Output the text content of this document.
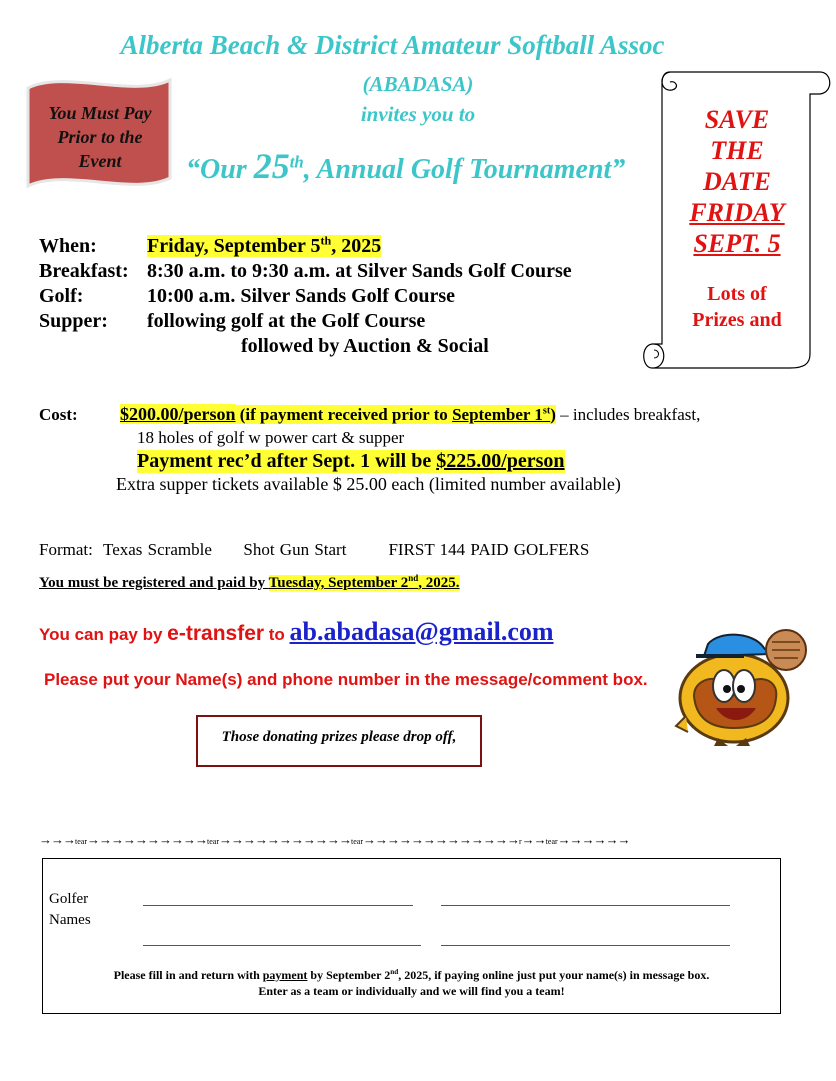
Alberta Beach & District Amateur Softball Assoc
(ABADASA)
invites you to
“Our 25th, Annual Golf Tournament”
You Must Pay
Prior to the
Event
SAVE
THE
DATE
FRIDAY
SEPT. 5
Lots of
Prizes and
When:	Friday, September 5th, 2025
Breakfast: 8:30 a.m. to 9:30 a.m. at Silver Sands Golf Course
Golf:	10:00 a.m. Silver Sands Golf Course
Supper: following golf at the Golf Course
followed by Auction & Social
Cost: $200.00/person (if payment received prior to September 1st) – includes breakfast,
18 holes of golf w power cart & supper
Payment rec’d after Sept. 1 will be $225.00/person
Extra supper tickets available $ 25.00 each (limited number available)
Format:  Texas Scramble      Shot Gun Start        FIRST 144 PAID GOLFERS
You must be registered and paid by Tuesday, September 2nd, 2025.
You can pay by e-transfer to ab.abadasa@gmail.com
Please put your Name(s) and phone number in the message/comment box.
Those donating prizes please drop off,
→→→tear→→→→→→→→→→tear→→→→→→→→→→→tear→→→→→→→→→→→→→r→→tear→→→→→→
Golfer
Names
Please fill in and return with payment by September 2nd, 2025, if paying online just put your name(s) in message box.
Enter as a team or individually and we will find you a team!
